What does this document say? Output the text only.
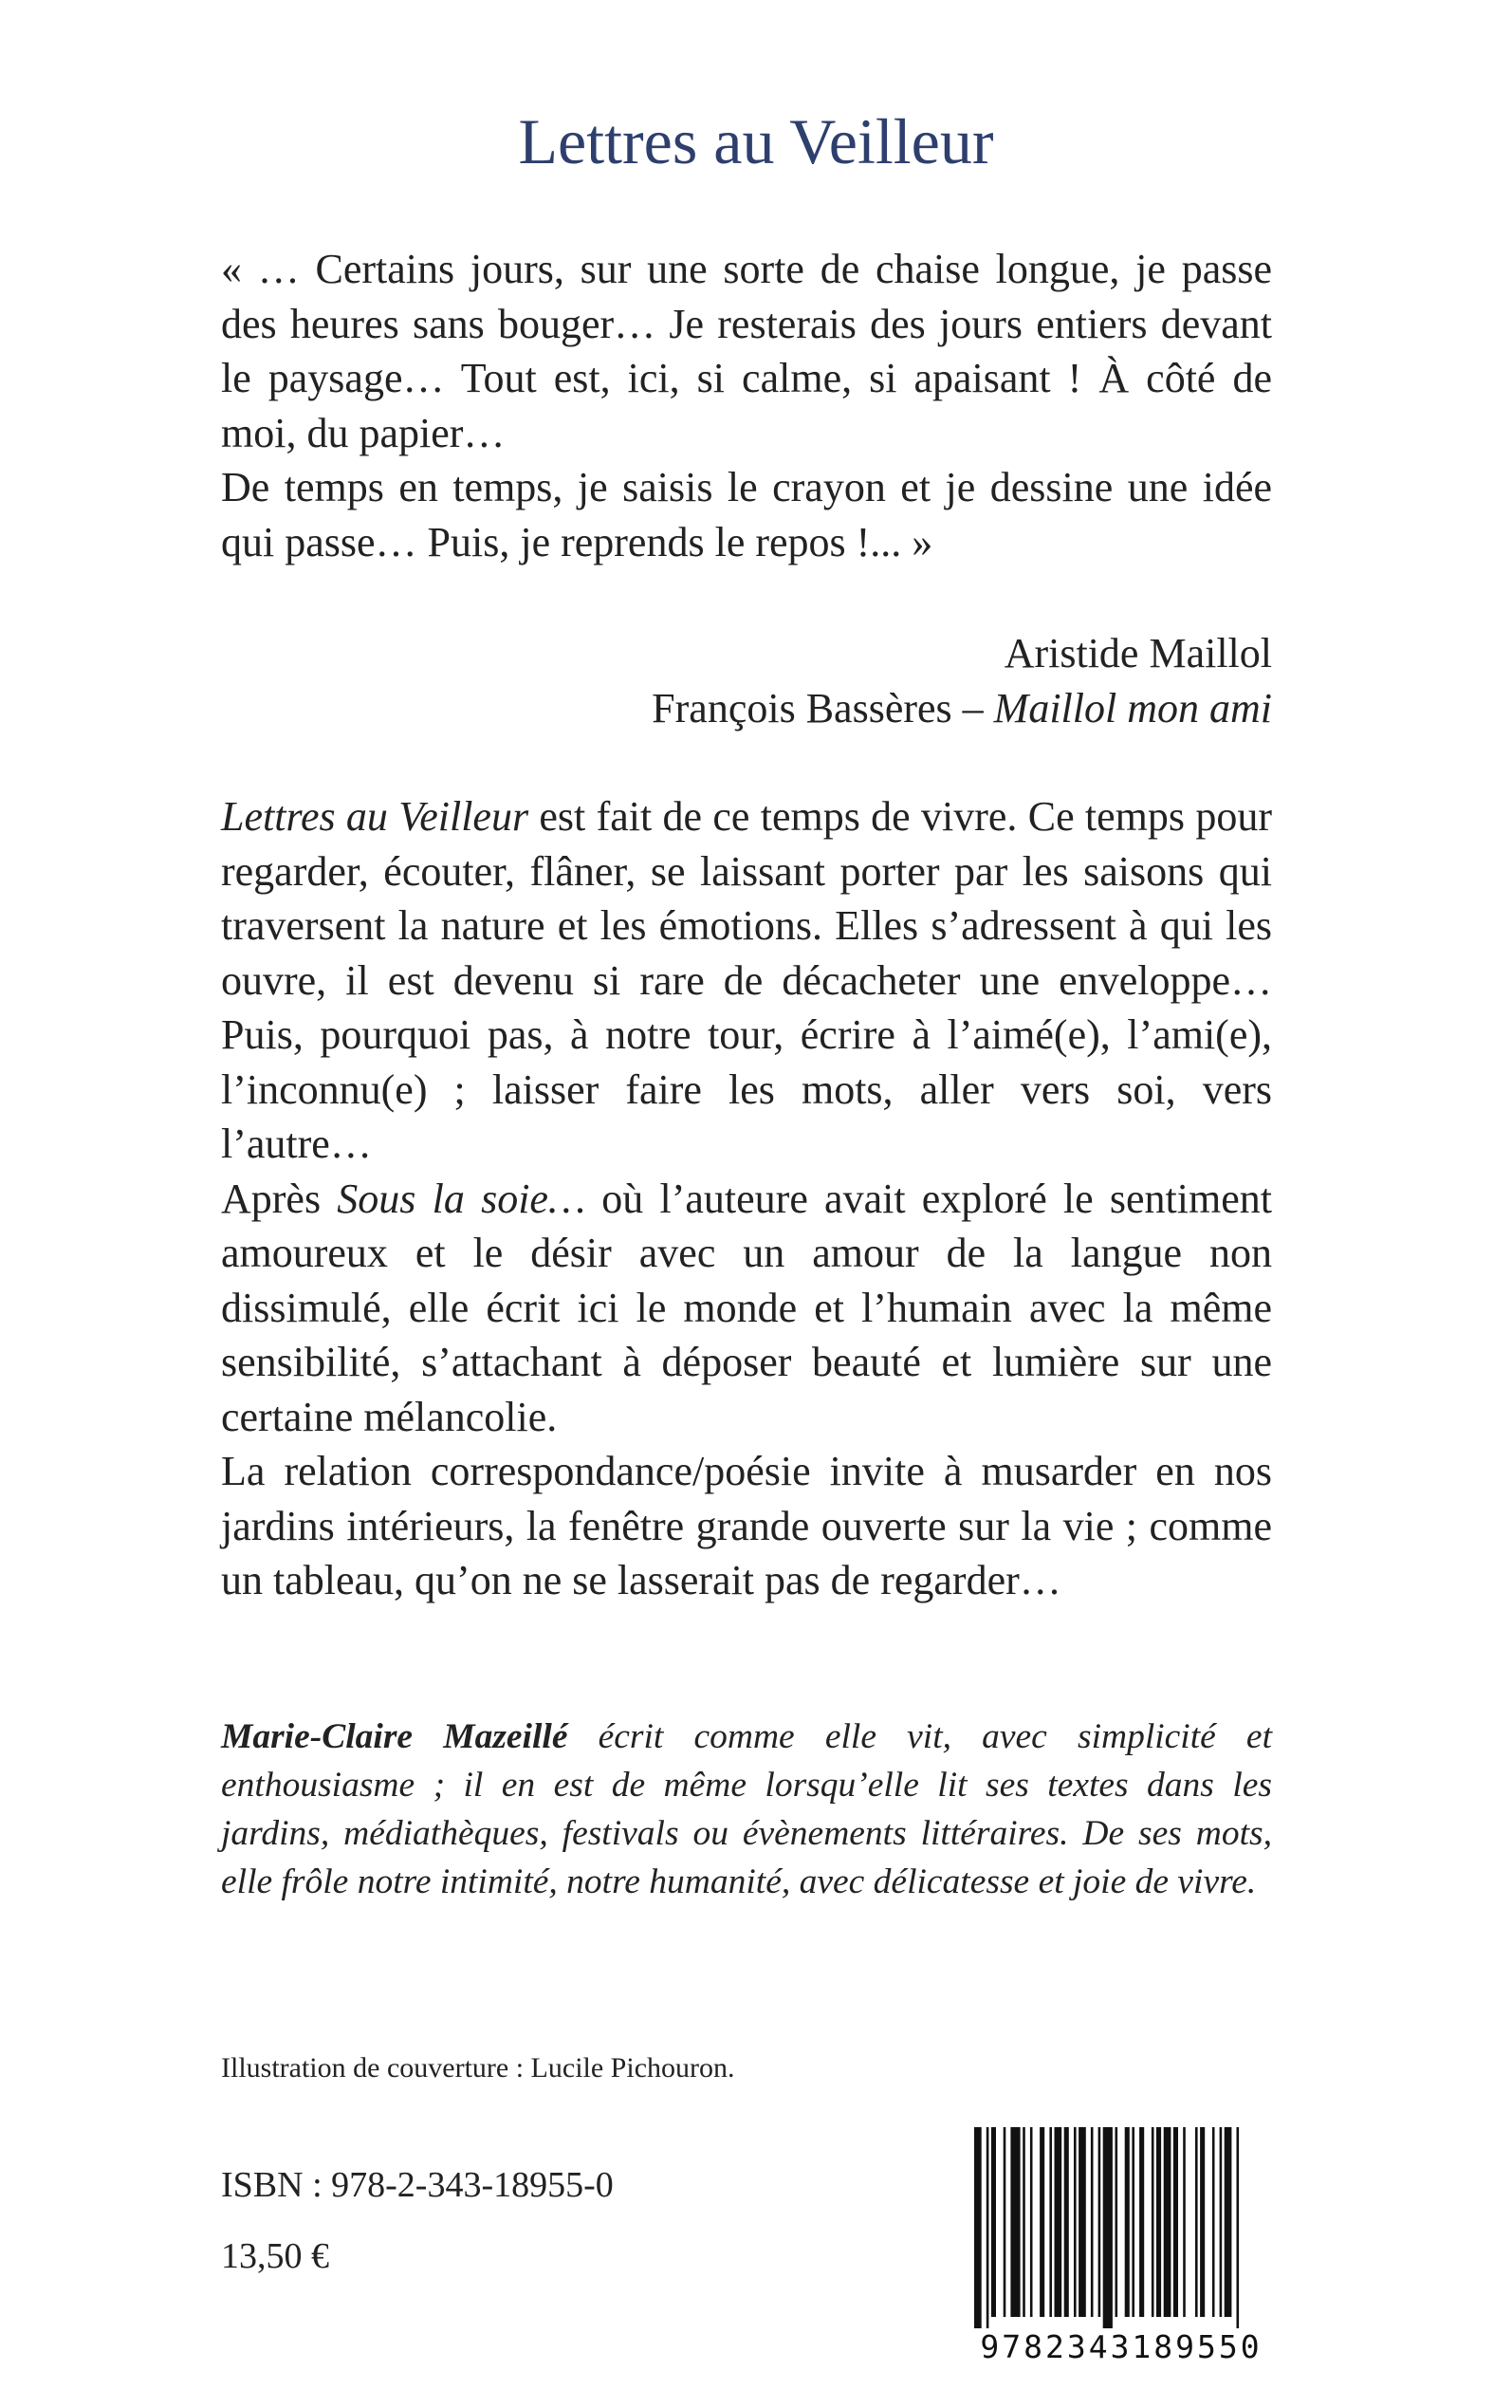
Lettres au Veilleur

« … Certains jours, sur une sorte de chaise longue, je passe des heures sans bouger… Je resterais des jours entiers devant le paysage… Tout est, ici, si calme, si apaisant ! À côté de moi, du papier…

De temps en temps, je saisis le crayon et je dessine une idée qui passe… Puis, je reprends le repos !... »

Aristide Maillol
François Bassères – Maillol mon ami

Lettres au Veilleur est fait de ce temps de vivre. Ce temps pour regarder, écouter, flâner, se laissant porter par les saisons qui traversent la nature et les émotions. Elles s’adressent à qui les ouvre, il est devenu si rare de décacheter une enveloppe… Puis, pourquoi pas, à notre tour, écrire à l’aimé(e), l’ami(e), l’inconnu(e) ; laisser faire les mots, aller vers soi, vers l’autre…

Après Sous la soie… où l’auteure avait exploré le sentiment amoureux et le désir avec un amour de la langue non dissimulé, elle écrit ici le monde et l’humain avec la même sensibilité, s’attachant à déposer beauté et lumière sur une certaine mélancolie.

La relation correspondance/poésie invite à musarder en nos jardins intérieurs, la fenêtre grande ouverte sur la vie ; comme un tableau, qu’on ne se lasserait pas de regarder…

Marie-Claire Mazeillé écrit comme elle vit, avec simplicité et enthousiasme ; il en est de même lorsqu’elle lit ses textes dans les jardins, médiathèques, festivals ou évènements littéraires. De ses mots, elle frôle notre intimité, notre humanité, avec délicatesse et joie de vivre.

Illustration de couverture : Lucile Pichouron.
ISBN : 978-2-343-18955-0
13,50 €
9782343189550
